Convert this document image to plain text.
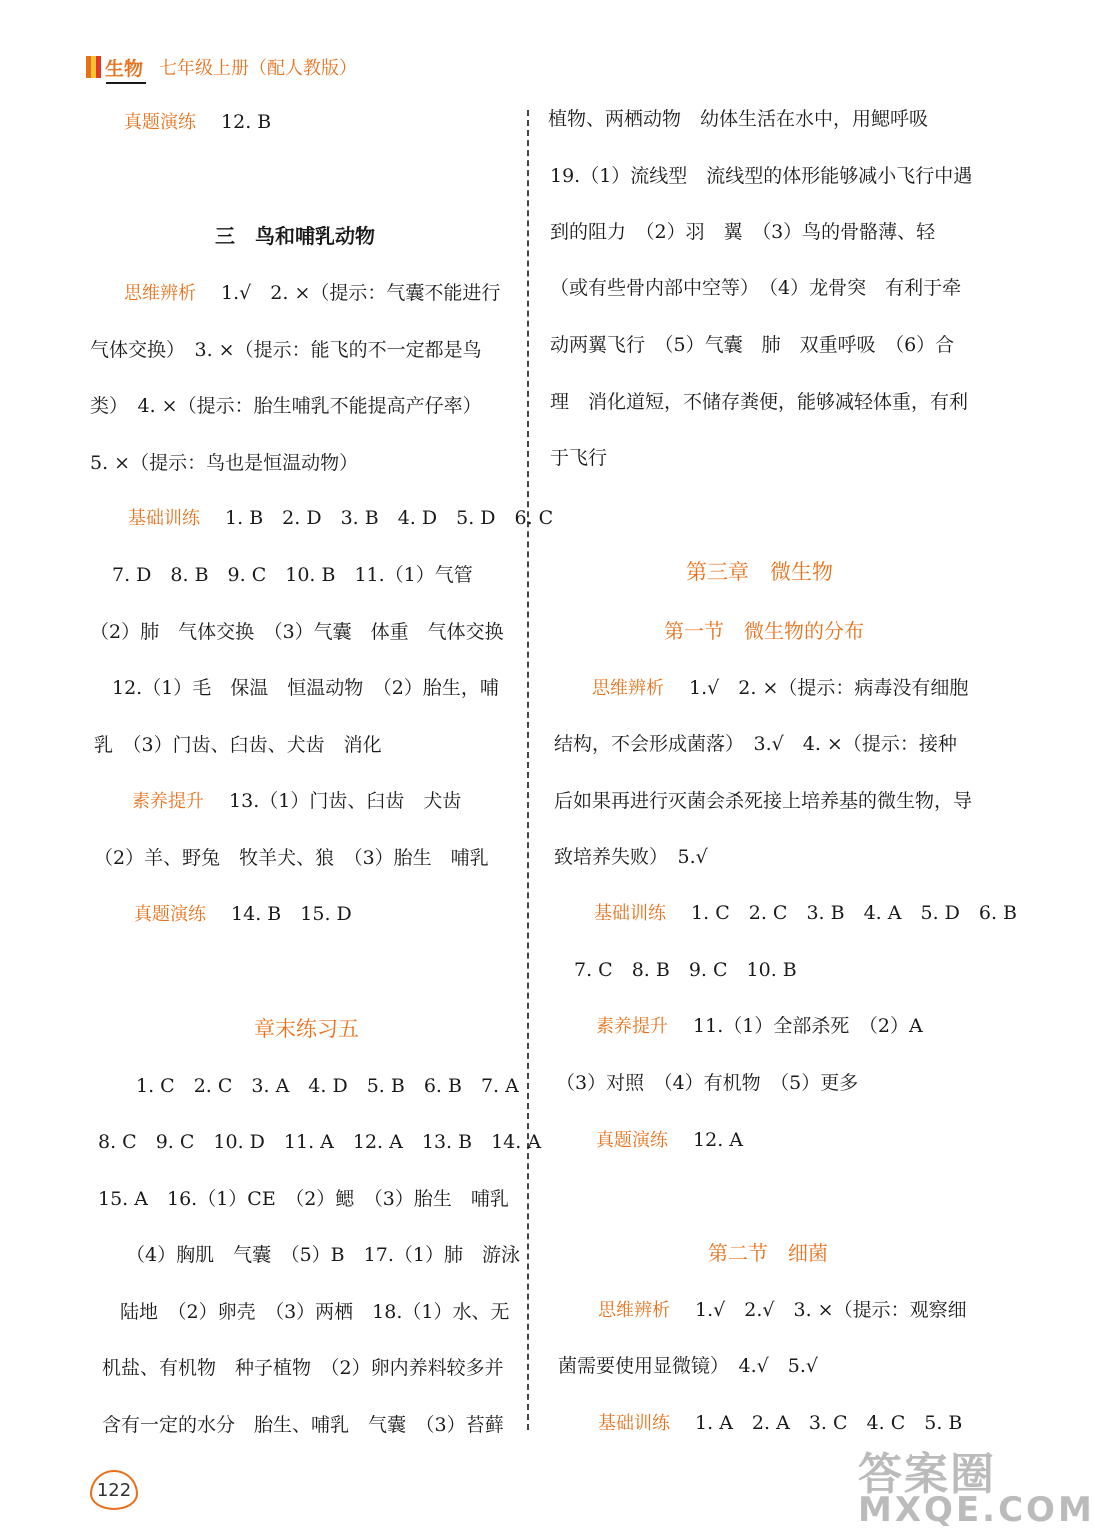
生物 七年级上册（配人教版）
真题演练　 12. B
三　鸟和哺乳动物
思维辨析　 1.√　2. ×（提示：气囊不能进行
气体交换）　3. ×（提示：能飞的不一定都是鸟
类）　4. ×（提示：胎生哺乳不能提高产仔率）
5. ×（提示：鸟也是恒温动物）
基础训练　 1. B　2. D　3. B　4. D　5. D　6. C
7. D　8. B　9. C　10. B　11.（1）气管
（2）肺　气体交换　（3）气囊　体重　气体交换
12.（1）毛　保温　恒温动物　（2）胎生，哺
乳　（3）门齿、臼齿、犬齿　消化
素养提升　 13.（1）门齿、臼齿　犬齿
（2）羊、野兔　牧羊犬、狼　（3）胎生　哺乳
真题演练　 14. B　15. D
章末练习五
1. C　2. C　3. A　4. D　5. B　6. B　7. A
8. C　9. C　10. D　11. A　12. A　13. B　14. A
15. A　16.（1）CE　（2）鳃　（3）胎生　哺乳
（4）胸肌　气囊　（5）B　17.（1）肺　游泳
陆地　（2）卵壳　（3）两栖　18.（1）水、无
机盐、有机物　种子植物　（2）卵内养料较多并
含有一定的水分　胎生、哺乳　气囊　（3）苔藓
植物、两栖动物　幼体生活在水中，用鳃呼吸
19.（1）流线型　流线型的体形能够减小飞行中遇
到的阻力　（2）羽　翼　（3）鸟的骨骼薄、轻
（或有些骨内部中空等）　（4）龙骨突　有利于牵
动两翼飞行　（5）气囊　肺　双重呼吸　（6）合
理　消化道短，不储存粪便，能够减轻体重，有利
于飞行
第三章　微生物
第一节　微生物的分布
思维辨析　 1.√　2. ×（提示：病毒没有细胞
结构，不会形成菌落）　3.√　4. ×（提示：接种
后如果再进行灭菌会杀死接上培养基的微生物，导
致培养失败）　5.√
基础训练　 1. C　2. C　3. B　4. A　5. D　6. B
7. C　8. B　9. C　10. B
素养提升　 11.（1）全部杀死　（2）A
（3）对照　（4）有机物　（5）更多
真题演练　 12. A
第二节　细菌
思维辨析　 1.√　2.√　3. ×（提示：观察细
菌需要使用显微镜）　4.√　5.√
基础训练　 1. A　2. A　3. C　4. C　5. B
122	答案圈
MXQE.COM
